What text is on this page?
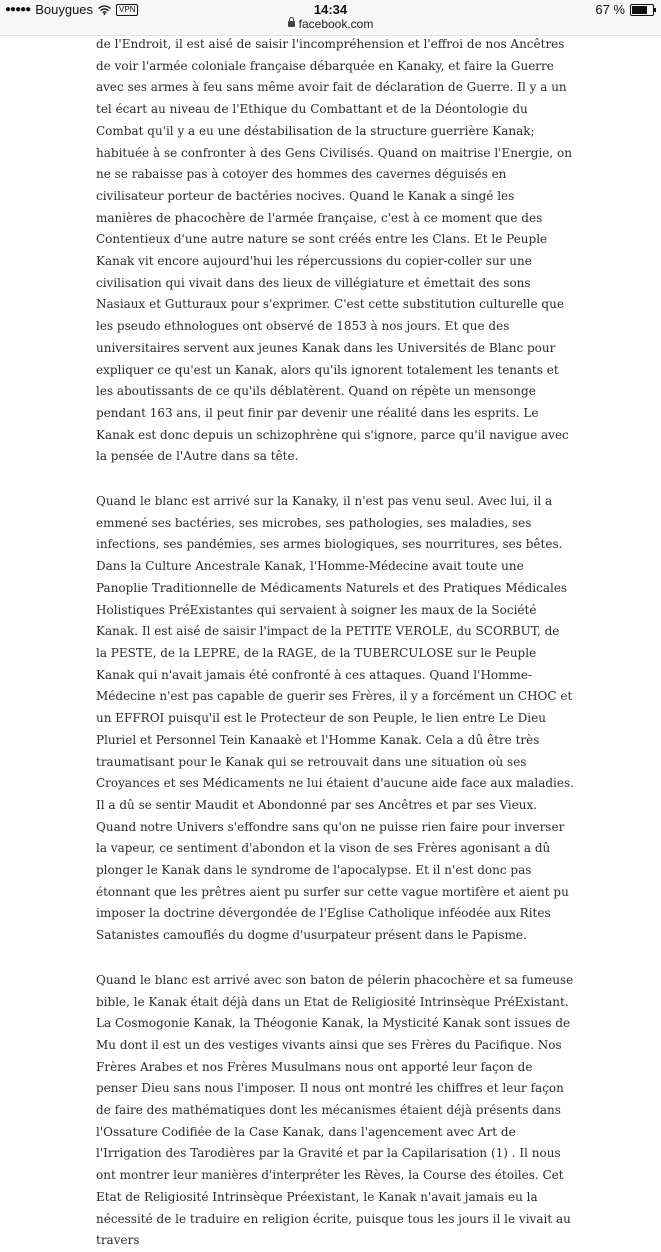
●●●●● Bouygues	VPN	14:34	67 %
facebook.com

de l'Endroit, il est aisé de saisir l'incompréhension et l'effroi de nos Ancêtres de voir l'armée coloniale française débarquée en Kanaky, et faire la Guerre avec ses armes à feu sans même avoir fait de déclaration de Guerre. Il y a un tel écart au niveau de l'Ethique du Combattant et de la Déontologie du Combat qu'il y a eu une déstabilisation de la structure guerrière Kanak; habituée à se confronter à des Gens Civilisés. Quand on maitrise l'Energie, on ne se rabaisse pas à cotoyer des hommes des cavernes déguisés en civilisateur porteur de bactéries nocives. Quand le Kanak a singé les manières de phacochère de l'armée française, c'est à ce moment que des Contentieux d'une autre nature se sont créés entre les Clans. Et le Peuple Kanak vit encore aujourd'hui les répercussions du copier-coller sur une civilisation qui vivait dans des lieux de villégiature et émettait des sons Nasiaux et Gutturaux pour s'exprimer. C'est cette substitution culturelle que les pseudo ethnologues ont observé de 1853 à nos jours. Et que des universitaires servent aux jeunes Kanak dans les Universités de Blanc pour expliquer ce qu'est un Kanak, alors qu'ils ignorent totalement les tenants et les aboutissants de ce qu'ils déblatèrent. Quand on répète un mensonge pendant 163 ans, il peut finir par devenir une réalité dans les esprits. Le Kanak est donc depuis un schizophrène qui s'ignore, parce qu'il navigue avec la pensée de l'Autre dans sa tête.

Quand le blanc est arrivé sur la Kanaky, il n'est pas venu seul. Avec lui, il a emmené ses bactéries, ses microbes, ses pathologies, ses maladies, ses infections, ses pandémies, ses armes biologiques, ses nourritures, ses bêtes. Dans la Culture Ancestrale Kanak, l'Homme-Médecine avait toute une Panoplie Traditionnelle de Médicaments Naturels et des Pratiques Médicales Holistiques PréExistantes qui servaient à soigner les maux de la Société Kanak. Il est aisé de saisir l'impact de la PETITE VEROLE, du SCORBUT, de la PESTE, de la LEPRE, de la RAGE, de la TUBERCULOSE sur le Peuple Kanak qui n'avait jamais été confronté à ces attaques. Quand l'Homme-Médecine n'est pas capable de guerir ses Frères, il y a forcément un CHOC et un EFFROI puisqu'il est le Protecteur de son Peuple, le lien entre Le Dieu Pluriel et Personnel Tein Kanaakè et l'Homme Kanak. Cela a dû être très traumatisant pour le Kanak qui se retrouvait dans une situation où ses Croyances et ses Médicaments ne lui étaient d'aucune aide face aux maladies. Il a dû se sentir Maudit et Abondonné par ses Ancêtres et par ses Vieux. Quand notre Univers s'effondre sans qu'on ne puisse rien faire pour inverser la vapeur, ce sentiment d'abondon et la vison de ses Frères agonisant a dû plonger le Kanak dans le syndrome de l'apocalypse. Et il n'est donc pas étonnant que les prêtres aient pu surfer sur cette vague mortifère et aient pu imposer la doctrine dévergondée de l'Eglise Catholique inféodée aux Rites Satanistes camouflés du dogme d'usurpateur présent dans le Papisme.

Quand le blanc est arrivé avec son baton de pélerin phacochère et sa fumeuse bible, le Kanak était déjà dans un Etat de Religiosité Intrinsèque PréExistant. La Cosmogonie Kanak, la Théogonie Kanak, la Mysticité Kanak sont issues de Mu dont il est un des vestiges vivants ainsi que ses Frères du Pacifique. Nos Frères Arabes et nos Frères Musulmans nous ont apporté leur façon de penser Dieu sans nous l'imposer. Il nous ont montré les chiffres et leur façon de faire des mathématiques dont les mécanismes étaient déjà présents dans l'Ossature Codifiée de la Case Kanak, dans l'agencement avec Art de l'Irrigation des Tarodières par la Gravité et par la Capilarisation (1) . Il nous ont montrer leur manières d'interpréter les Rèves, la Course des étoiles. Cet Etat de Religiosité Intrinsèque Préexistant, le Kanak n'avait jamais eu la nécessité de le traduire en religion écrite, puisque tous les jours il le vivait au travers
